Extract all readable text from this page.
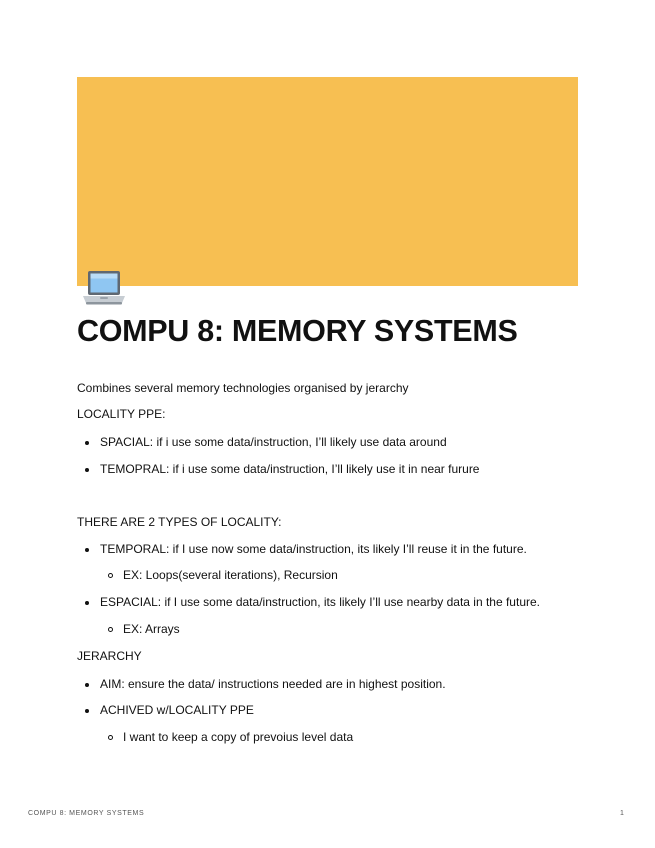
COMPU 8: MEMORY SYSTEMS
Combines several memory technologies organised by jerarchy
LOCALITY PPE:
SPACIAL: if i use some data/instruction, I’ll likely use data around
TEMOPRAL: if i use some data/instruction, I’ll likely use it in near furure
THERE ARE 2 TYPES OF LOCALITY:
TEMPORAL: if I use now some data/instruction, its likely I’ll reuse it in the future.
EX: Loops(several iterations), Recursion
ESPACIAL: if I use some data/instruction, its likely I’ll use nearby data in the future.
EX: Arrays
JERARCHY
AIM: ensure the data/ instructions needed are in highest position.
ACHIVED w/LOCALITY PPE
I want to keep a copy of prevoius level data
COMPU 8: MEMORY SYSTEMS	1
